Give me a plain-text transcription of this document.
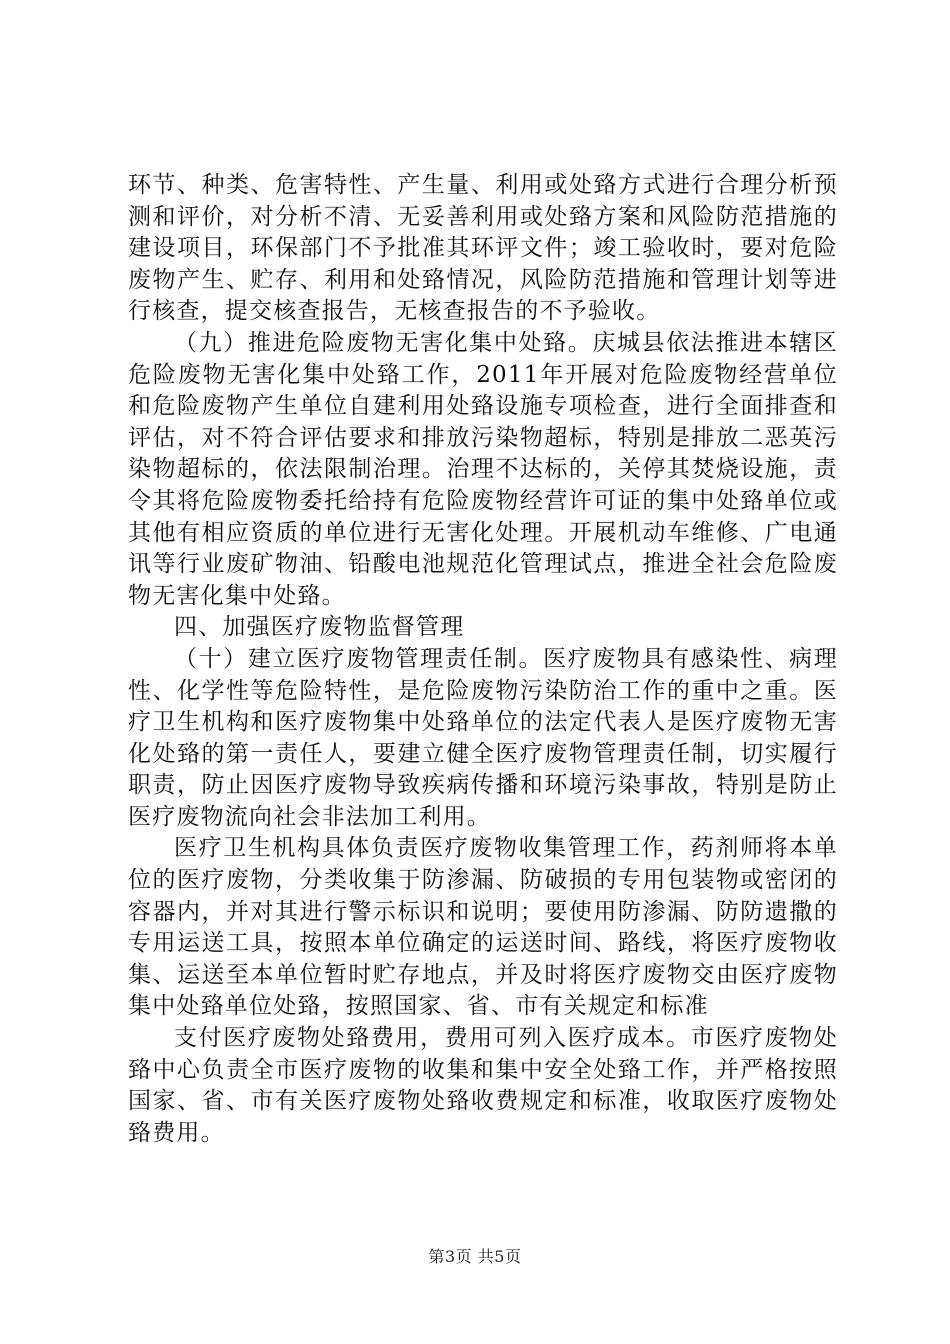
环节、种类、危害特性、产生量、利用或处臵方式进行合理分析预测和评价，对分析不清、无妥善利用或处臵方案和风险防范措施的建设项目，环保部门不予批准其环评文件；竣工验收时，要对危险废物产生、贮存、利用和处臵情况，风险防范措施和管理计划等进行核查，提交核查报告，无核查报告的不予验收。

（九）推进危险废物无害化集中处臵。庆城县依法推进本辖区危险废物无害化集中处臵工作，2011年开展对危险废物经营单位和危险废物产生单位自建利用处臵设施专项检查，进行全面排查和评估，对不符合评估要求和排放污染物超标，特别是排放二恶英污染物超标的，依法限制治理。治理不达标的，关停其焚烧设施，责令其将危险废物委托给持有危险废物经营许可证的集中处臵单位或其他有相应资质的单位进行无害化处理。开展机动车维修、广电通讯等行业废矿物油、铅酸电池规范化管理试点，推进全社会危险废物无害化集中处臵。

四、加强医疗废物监督管理

（十）建立医疗废物管理责任制。医疗废物具有感染性、病理性、化学性等危险特性，是危险废物污染防治工作的重中之重。医疗卫生机构和医疗废物集中处臵单位的法定代表人是医疗废物无害化处臵的第一责任人，要建立健全医疗废物管理责任制，切实履行职责，防止因医疗废物导致疾病传播和环境污染事故，特别是防止医疗废物流向社会非法加工利用。

医疗卫生机构具体负责医疗废物收集管理工作，药剂师将本单位的医疗废物，分类收集于防渗漏、防破损的专用包装物或密闭的容器内，并对其进行警示标识和说明；要使用防渗漏、防防遗撒的专用运送工具，按照本单位确定的运送时间、路线，将医疗废物收集、运送至本单位暂时贮存地点，并及时将医疗废物交由医疗废物集中处臵单位处臵，按照国家、省、市有关规定和标准

支付医疗废物处臵费用，费用可列入医疗成本。市医疗废物处臵中心负责全市医疗废物的收集和集中安全处臵工作，并严格按照国家、省、市有关医疗废物处臵收费规定和标准，收取医疗废物处臵费用。

第3页 共5页
